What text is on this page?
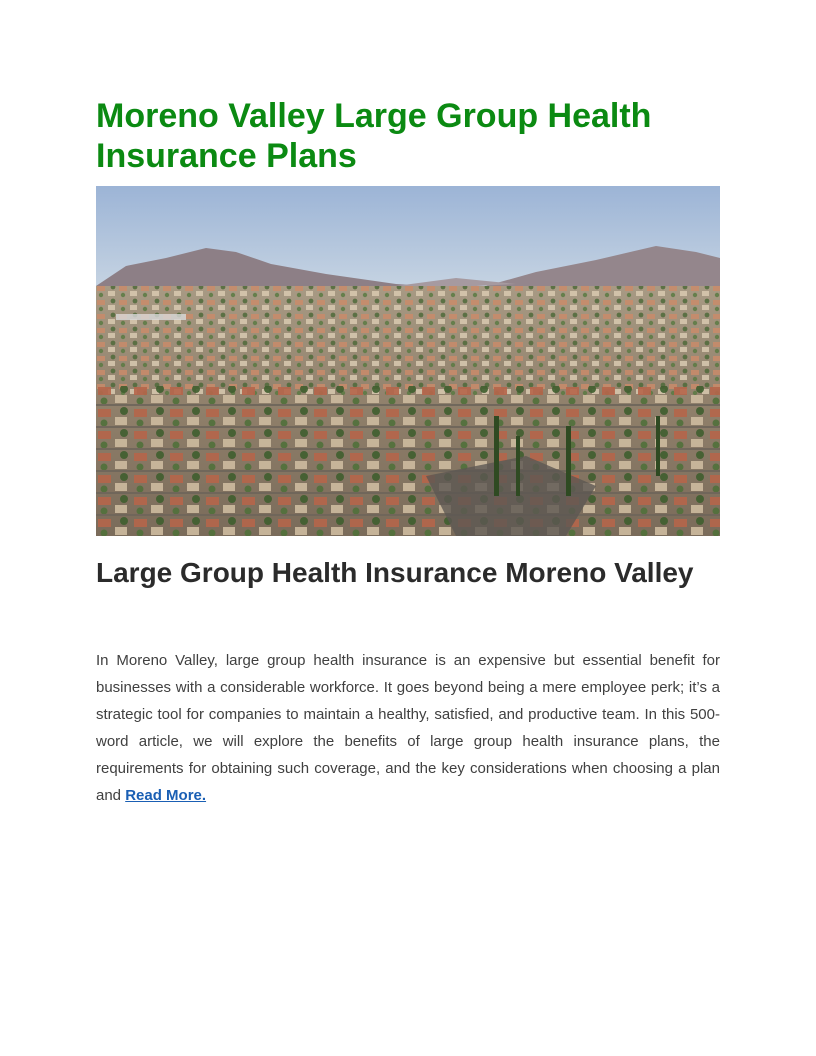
Moreno Valley Large Group Health Insurance Plans
Large Group Health Insurance Moreno Valley

In Moreno Valley, large group health insurance is an expensive but essential benefit for businesses with a considerable workforce. It goes beyond being a mere employee perk; it’s a strategic tool for companies to maintain a healthy, satisfied, and productive team. In this 500-word article, we will explore the benefits of large group health insurance plans, the requirements for obtaining such coverage, and the key considerations when choosing a plan and Read More.
